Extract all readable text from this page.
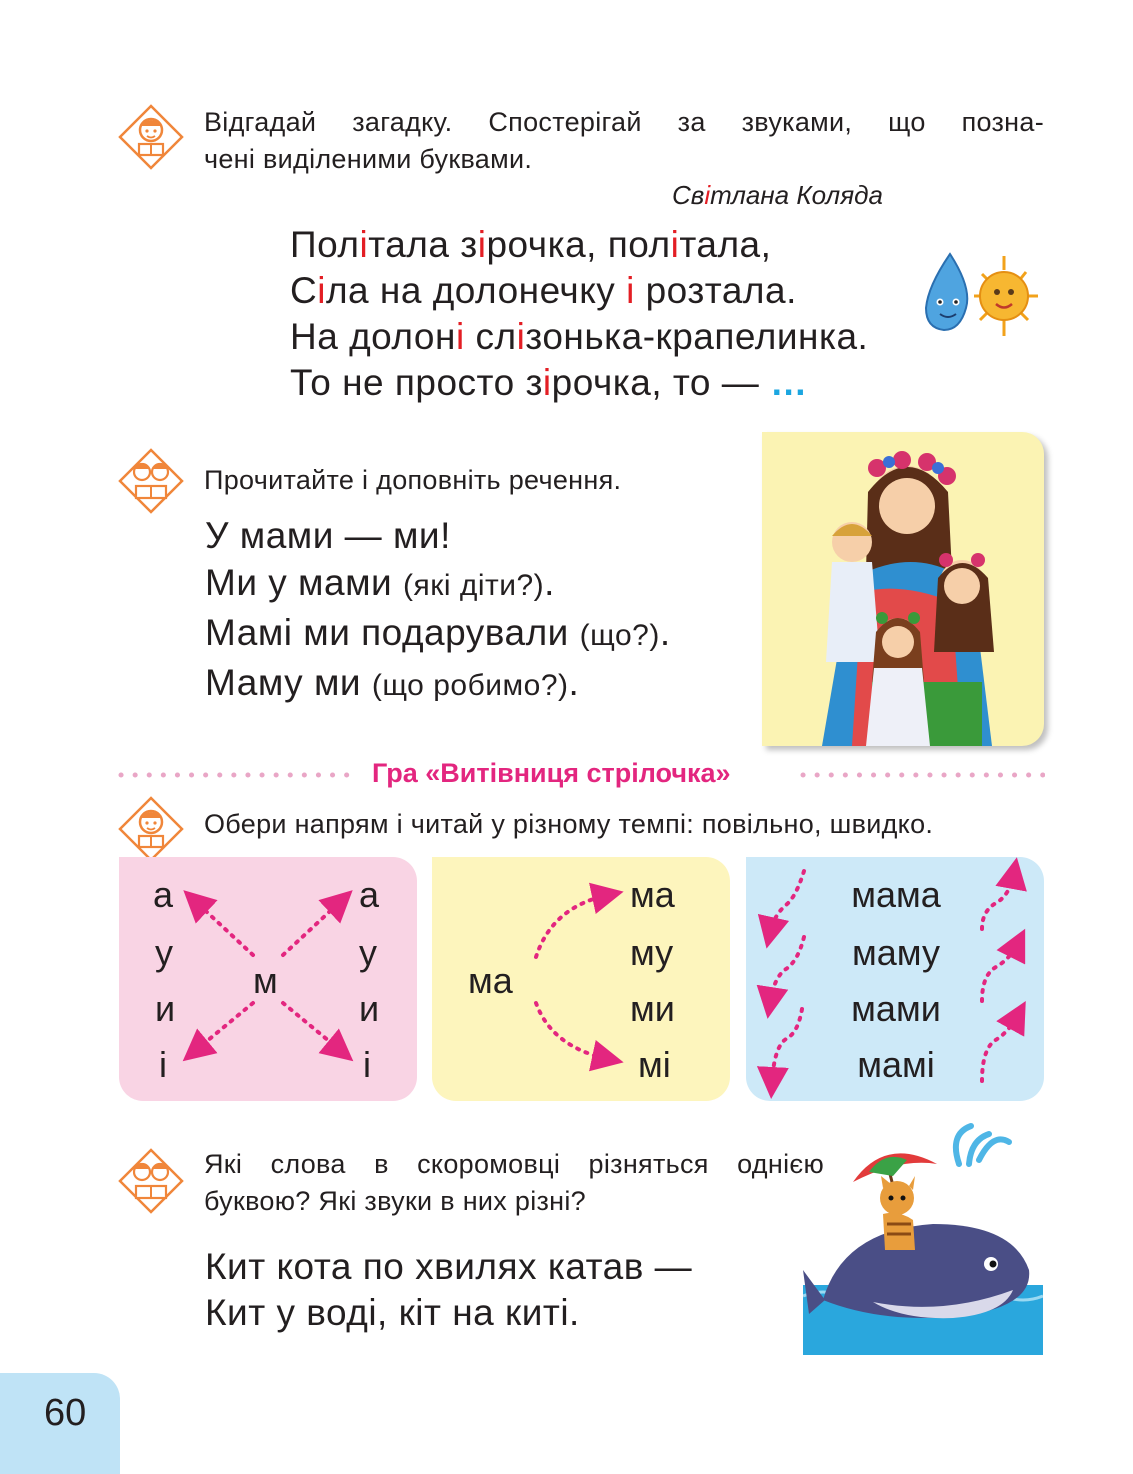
Відгадай загадку. Спостерігай за звуками, що позна-
чені виділеними буквами.
Світлана Коляда
Політала зірочка, політала,
Сіла на долонечку і розтала.
На долоні слізонька-крапелинка.
То не просто зірочка, то — …
Прочитайте і доповніть речення.
У мами — ми!
Ми у мами (які діти?).
Мамі ми подарували (що?).
Маму ми (що робимо?).
Гра «Витівниця стрілочка»
Обери напрям і читай у різному темпі: повільно, швидко.
а
у
и
і
м
а
у
и
і
ма
ма
му
ми
мі
мама
маму
мами
мамі
Які слова в скоромовці різняться однією
буквою? Які звуки в них різні?
Кит кота по хвилях катав —
Кит у воді, кіт на киті.
60
